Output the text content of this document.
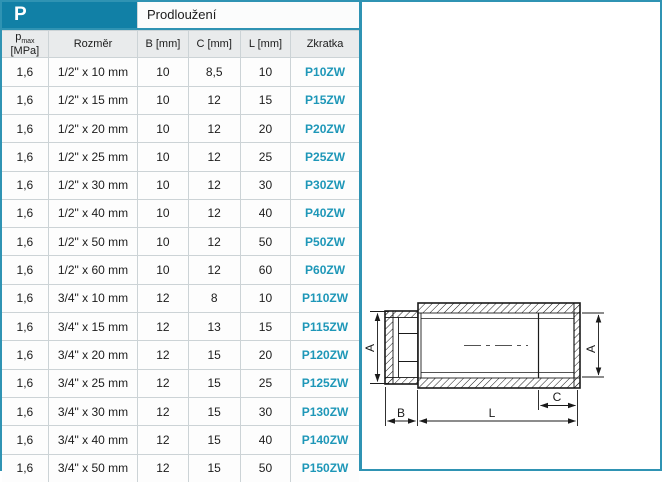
P	Prodloužení
$p_{max}$ [MPa]	Rozměr	B [mm]	C [mm]	L [mm]	Zkratka
1,6	1/2" x 10 mm	10	8,5	10	P10ZW
1,6	1/2" x 15 mm	10	12	15	P15ZW
1,6	1/2" x 20 mm	10	12	20	P20ZW
1,6	1/2" x 25 mm	10	12	25	P25ZW
1,6	1/2" x 30 mm	10	12	30	P30ZW
1,6	1/2" x 40 mm	10	12	40	P40ZW
1,6	1/2" x 50 mm	10	12	50	P50ZW
1,6	1/2" x 60 mm	10	12	60	P60ZW
1,6	3/4" x 10 mm	12	8	10	P110ZW
1,6	3/4" x 15 mm	12	13	15	P115ZW
1,6	3/4" x 20 mm	12	15	20	P120ZW
1,6	3/4" x 25 mm	12	15	25	P125ZW
1,6	3/4" x 30 mm	12	15	30	P130ZW
1,6	3/4" x 40 mm	12	15	40	P140ZW
1,6	3/4" x 50 mm	12	15	50	P150ZW
A	A
B	L
C
